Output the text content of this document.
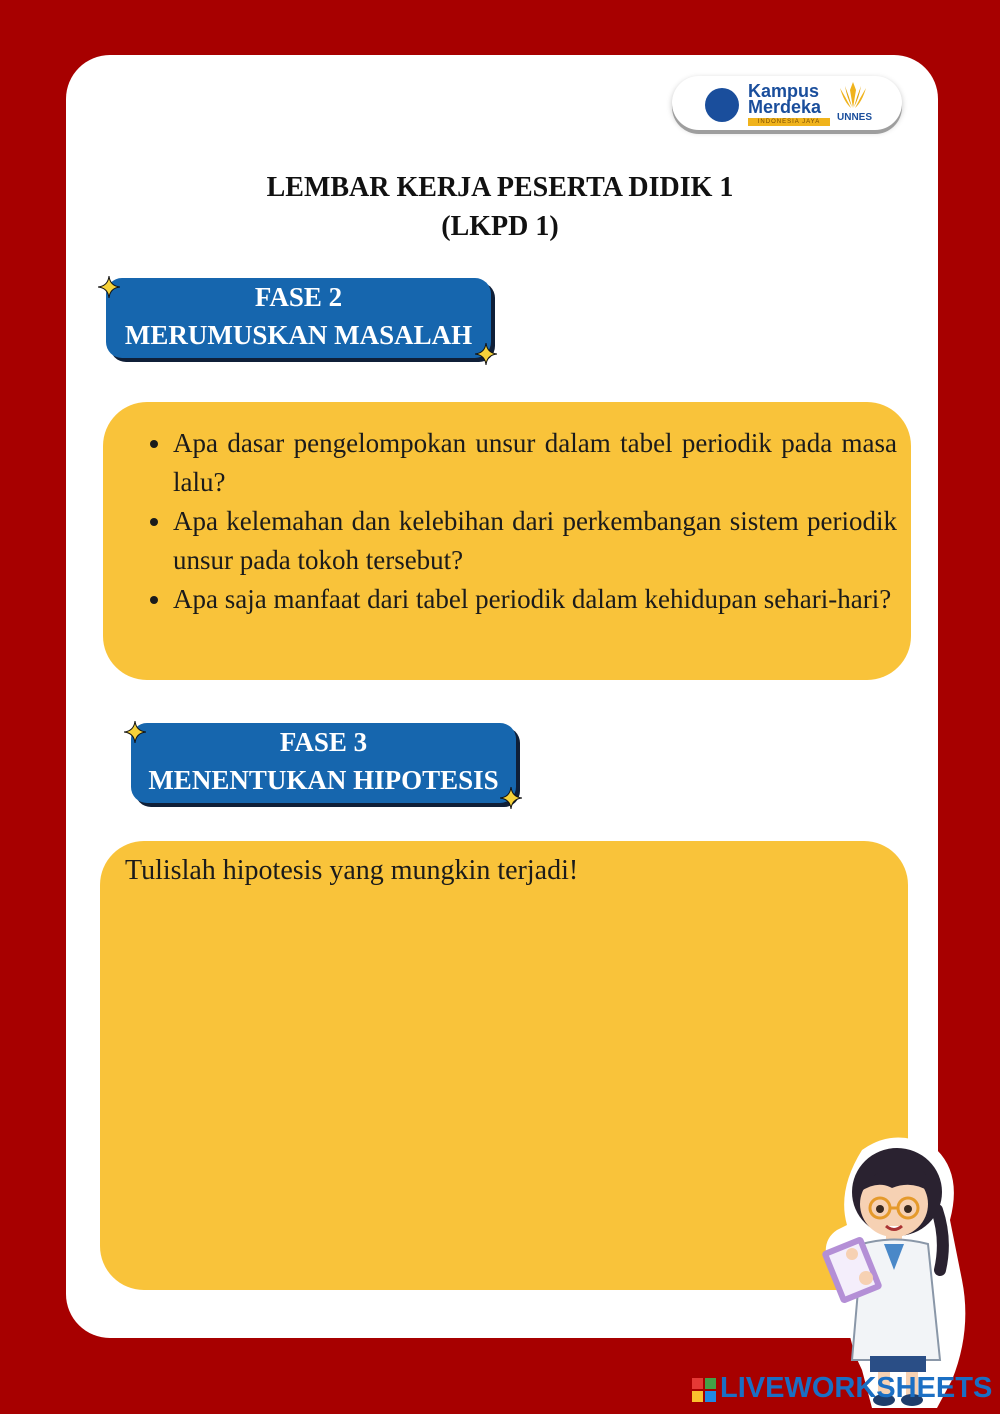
Kampus
Merdeka
INDONESIA JAYA	UNNES
LEMBAR KERJA PESERTA DIDIK 1
(LKPD 1)
FASE 2
MERUMUSKAN MASALAH
• Apa dasar pengelompokan unsur dalam tabel periodik pada masa lalu?
• Apa kelemahan dan kelebihan dari perkembangan sistem periodik unsur pada tokoh tersebut?
• Apa saja manfaat dari tabel periodik dalam kehidupan sehari-hari?
FASE 3
MENENTUKAN HIPOTESIS
Tulislah hipotesis yang mungkin terjadi!
LIVEWORKSHEETS
